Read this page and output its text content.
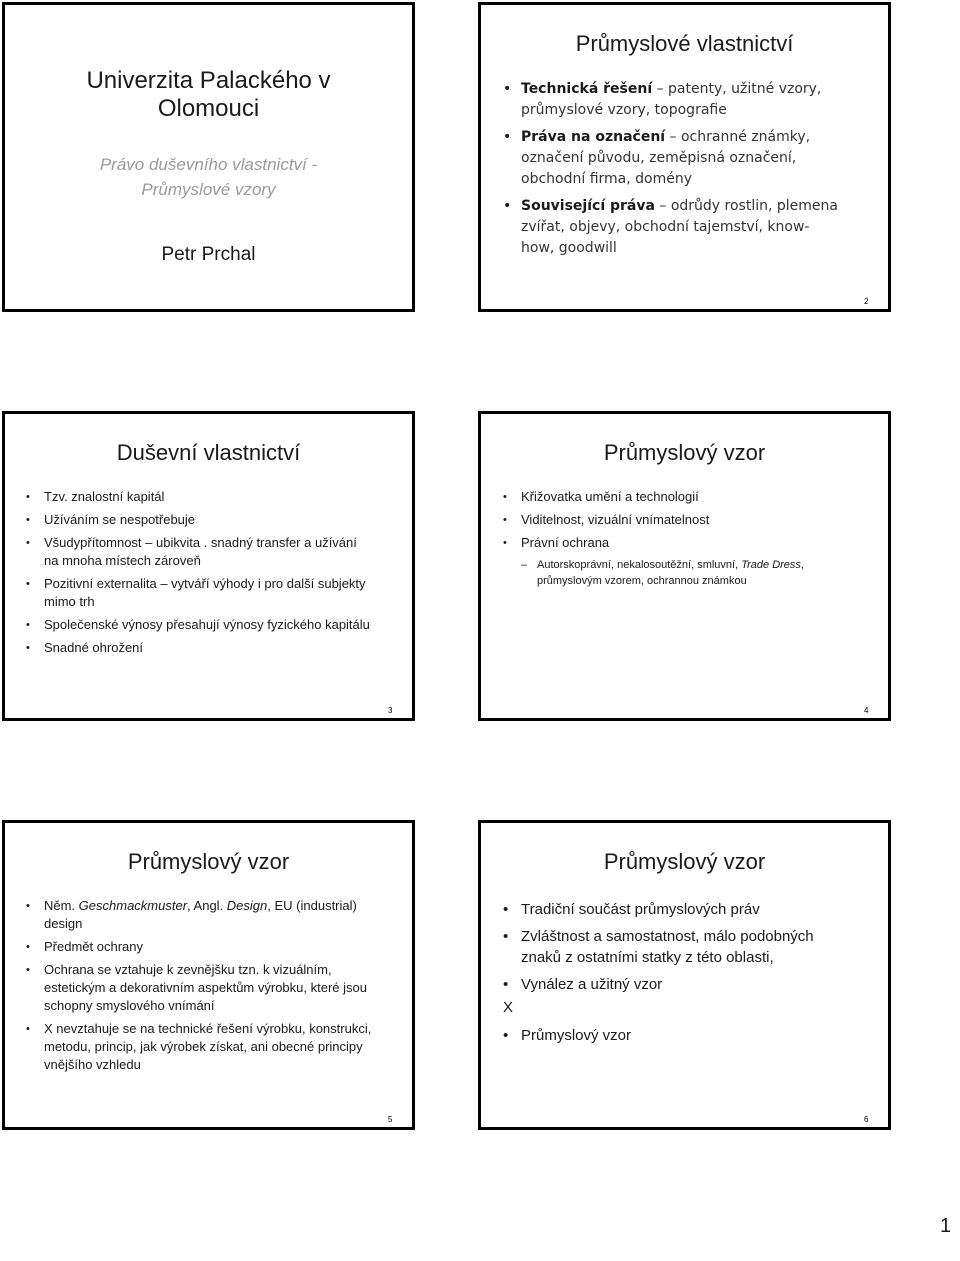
Univerzita Palackého v Olomouci
Právo duševního vlastnictví - Průmyslové vzory
Petr Prchal
Průmyslové vlastnictví
• Technická řešení – patenty, užitné vzory, průmyslové vzory, topografie
• Práva na označení – ochranné známky, označení původu, zeměpisná označení, obchodní firma, domény
• Související práva – odrůdy rostlin, plemena zvířat, objevy, obchodní tajemství, know-how, goodwill
2
Duševní vlastnictví
• Tzv. znalostní kapitál
• Užíváním se nespotřebuje
• Všudypřítomnost – ubikvita . snadný transfer a užívání na mnoha místech zároveň
• Pozitivní externalita – vytváří výhody i pro další subjekty mimo trh
• Společenské výnosy přesahují výnosy fyzického kapitálu
• Snadné ohrožení
3
Průmyslový vzor
• Křižovatka umění a technologií
• Viditelnost, vizuální vnímatelnost
• Právní ochrana
– Autorskoprávní, nekalosoutěžní, smluvní, Trade Dress, průmyslovým vzorem, ochrannou známkou
4
Průmyslový vzor
• Něm. Geschmackmuster, Angl. Design, EU (industrial) design
• Předmět ochrany
• Ochrana se vztahuje k zevnějšku tzn. k vizuálním, estetickým a dekorativním aspektům výrobku, které jsou schopny smyslového vnímání
• X nevztahuje se na technické řešení výrobku, konstrukci, metodu, princip, jak výrobek získat, ani obecné principy vnějšího vzhledu
5
Průmyslový vzor
• Tradiční součást průmyslových práv
• Zvláštnost a samostatnost, málo podobných znaků z ostatními statky z této oblasti,
• Vynález a užitný vzor
X
• Průmyslový vzor
6
1
